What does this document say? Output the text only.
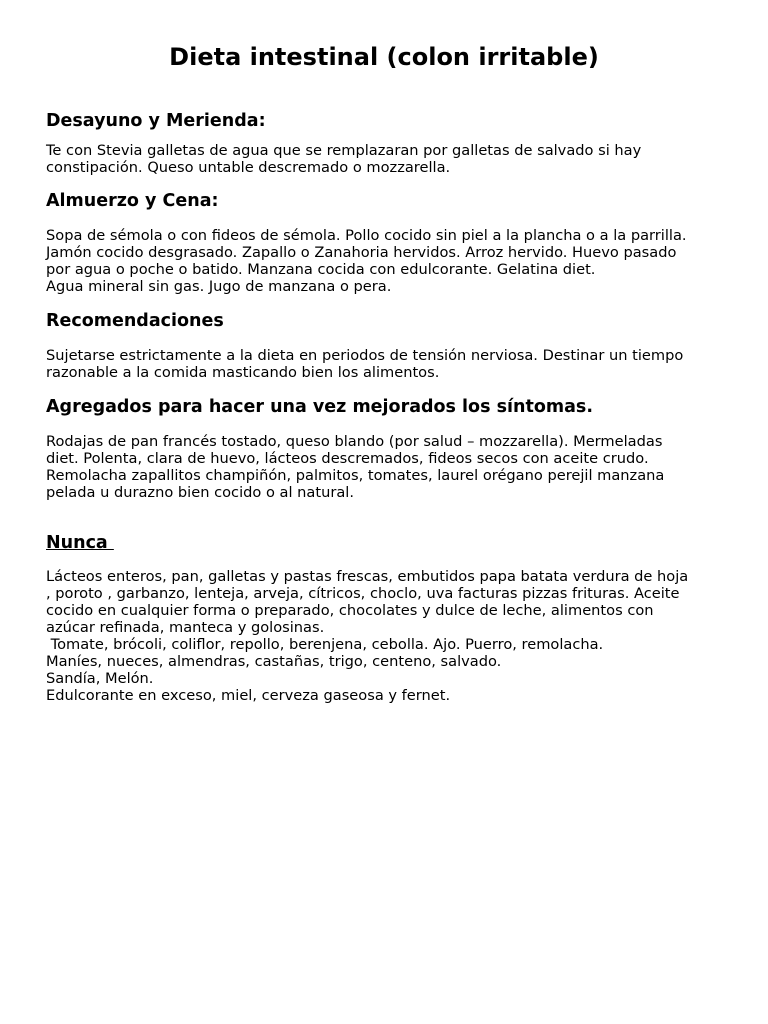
Dieta intestinal (colon irritable)
Desayuno y Merienda:

Te con Stevia galletas de agua que se remplazaran por galletas de salvado si hay
constipación. Queso untable descremado o mozzarella.

Almuerzo y Cena:

Sopa de sémola o con fideos de sémola. Pollo cocido sin piel a la plancha o a la parrilla.
Jamón cocido desgrasado. Zapallo o Zanahoria hervidos. Arroz hervido. Huevo pasado
por agua o poche o batido. Manzana cocida con edulcorante. Gelatina diet.
Agua mineral sin gas. Jugo de manzana o pera.

Recomendaciones

Sujetarse estrictamente a la dieta en periodos de tensión nerviosa. Destinar un tiempo
razonable a la comida masticando bien los alimentos.

Agregados para hacer una vez mejorados los síntomas.

Rodajas de pan francés tostado, queso blando (por salud – mozzarella). Mermeladas
diet. Polenta, clara de huevo, lácteos descremados, fideos secos con aceite crudo.
Remolacha zapallitos champiñón, palmitos, tomates, laurel orégano perejil manzana
pelada u durazno bien cocido o al natural.

Nunca

Lácteos enteros, pan, galletas y pastas frescas, embutidos papa batata verdura de hoja
, poroto , garbanzo, lenteja, arveja, cítricos, choclo, uva facturas pizzas frituras. Aceite
cocido en cualquier forma o preparado, chocolates y dulce de leche, alimentos con
azúcar refinada, manteca y golosinas.
Tomate, brócoli, coliflor, repollo, berenjena, cebolla. Ajo. Puerro, remolacha.
Maníes, nueces, almendras, castañas, trigo, centeno, salvado.
Sandía, Melón.
Edulcorante en exceso, miel, cerveza gaseosa y fernet.
